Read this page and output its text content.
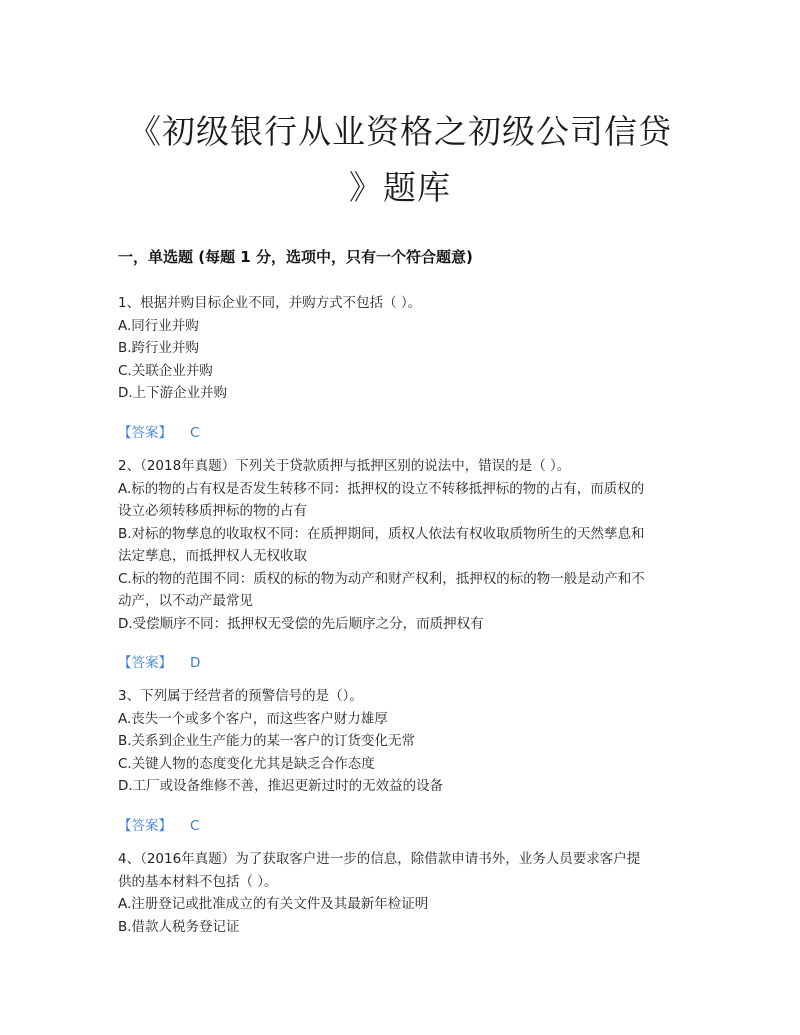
《初级银行从业资格之初级公司信贷
》题库
一，单选题 (每题 1 分，选项中，只有一个符合题意)
1、根据并购目标企业不同，并购方式不包括（ ）。
A.同行业并购
B.跨行业并购
C.关联企业并购
D.上下游企业并购
【答案】 C
2、（2018年真题）下列关于贷款质押与抵押区别的说法中，错误的是（ ）。
A.标的物的占有权是否发生转移不同：抵押权的设立不转移抵押标的物的占有，而质权的
设立必须转移质押标的物的占有
B.对标的物孳息的收取权不同：在质押期间，质权人依法有权收取质物所生的天然孳息和
法定孳息，而抵押权人无权收取
C.标的物的范围不同：质权的标的物为动产和财产权利，抵押权的标的物一般是动产和不
动产，以不动产最常见
D.受偿顺序不同：抵押权无受偿的先后顺序之分，而质押权有
【答案】 D
3、下列属于经营者的预警信号的是（）。
A.丧失一个或多个客户，而这些客户财力雄厚
B.关系到企业生产能力的某一客户的订货变化无常
C.关键人物的态度变化尤其是缺乏合作态度
D.工厂或设备维修不善，推迟更新过时的无效益的设备
【答案】 C
4、（2016年真题）为了获取客户进一步的信息，除借款申请书外，业务人员要求客户提
供的基本材料不包括（ ）。
A.注册登记或批准成立的有关文件及其最新年检证明
B.借款人税务登记证
